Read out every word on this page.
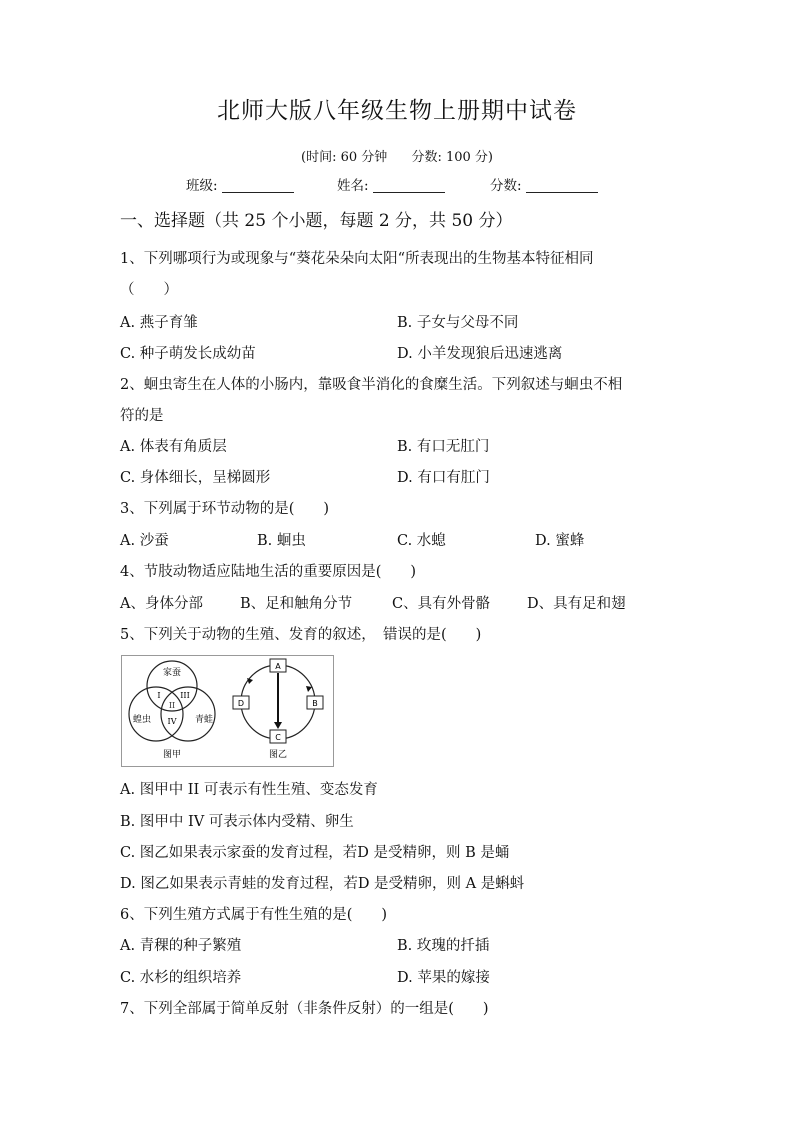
北师大版八年级生物上册期中试卷
(时间: 60 分钟 分数: 100 分)
班级:	姓名:	分数:
一、选择题（共 25 个小题，每题 2 分，共 50 分）
1、下列哪项行为或现象与“葵花朵朵向太阳“所表现出的生物基本特征相同
（　　）
A. 燕子育雏	B. 子女与父母不同
C. 种子萌发长成幼苗	D. 小羊发现狼后迅速逃离
2、蛔虫寄生在人体的小肠内，靠吸食半消化的食糜生活。下列叙述与蛔虫不相
符的是
A. 体表有角质层	B. 有口无肛门
C. 身体细长，呈梯圆形	D. 有口有肛门
3、下列属于环节动物的是(　　)
A. 沙蚕	B. 蛔虫	C. 水螅	D. 蜜蜂
4、节肢动物适应陆地生活的重要原因是(　　)
A、身体分部	B、足和触角分节	C、具有外骨骼	D、具有足和翅
5、下列关于动物的生殖、发育的叙述，　错误的是(　　)
家蚕
蝗虫	青蛙
I
II
III
IV
图甲
A
B
C
D
图乙
A. 图甲中 II 可表示有性生殖、变态发育
B. 图甲中 IV 可表示体内受精、卵生
C. 图乙如果表示家蚕的发育过程，若D 是受精卵，则 B 是蛹
D. 图乙如果表示青蛙的发育过程，若D 是受精卵，则 A 是蝌蚪
6、下列生殖方式属于有性生殖的是(　　)
A. 青稞的种子繁殖	B. 玫瑰的扦插
C. 水杉的组织培养	D. 苹果的嫁接
7、下列全部属于简单反射（非条件反射）的一组是(　　)
